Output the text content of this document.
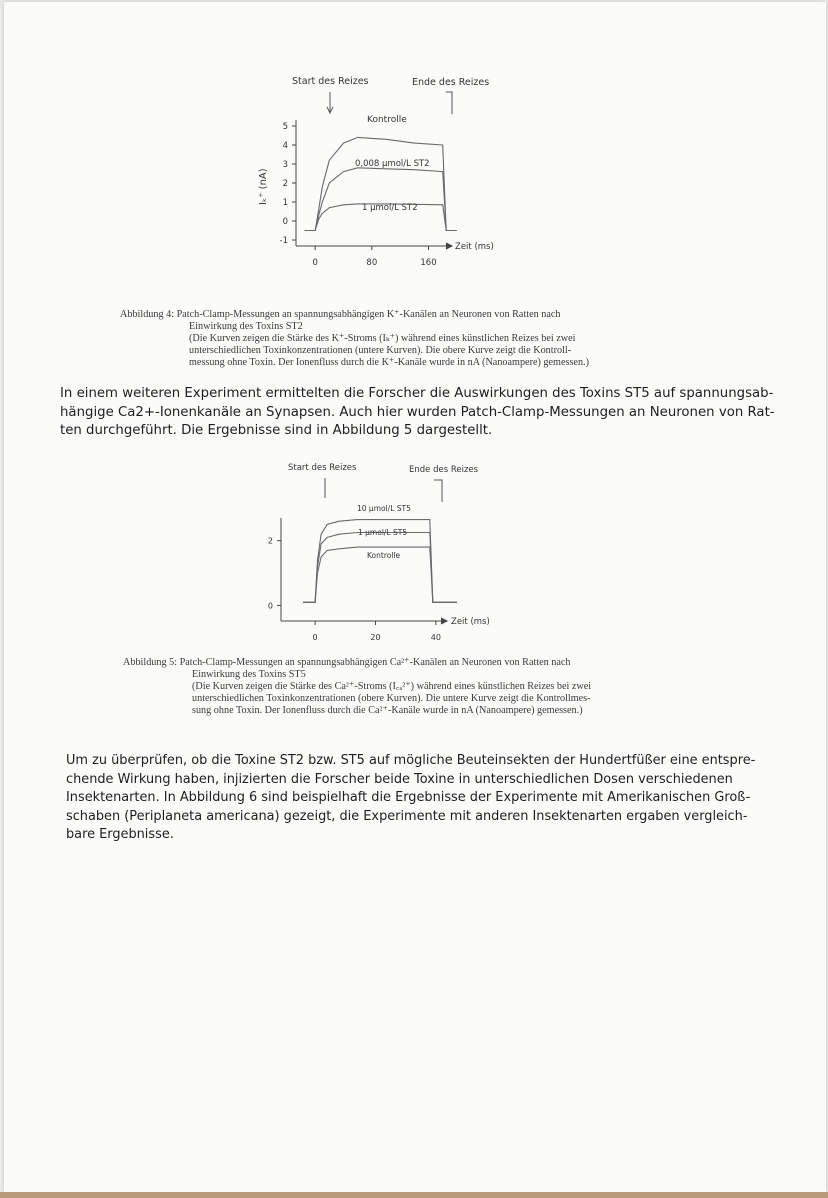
Start des Reizes	Ende des Reizes
Iₖ⁺ (nA)
-1
0
1
2
3
4
5
0	80	160
Zeit (ms)
Kontrolle
0,008 µmol/L ST2
1 µmol/L ST2
Abbildung 4: Patch-Clamp-Messungen an spannungsabhängigen K⁺-Kanälen an Neuronen von Ratten nach
Einwirkung des Toxins ST2
(Die Kurven zeigen die Stärke des K⁺-Stroms (Iₖ⁺) während eines künstlichen Reizes bei zwei
unterschiedlichen Toxinkonzentrationen (untere Kurven). Die obere Kurve zeigt die Kontroll-
messung ohne Toxin. Der Ionenfluss durch die K⁺-Kanäle wurde in nA (Nanoampere) gemessen.)
In einem weiteren Experiment ermittelten die Forscher die Auswirkungen des Toxins ST5 auf spannungsab-
hängige Ca2+-Ionenkanäle an Synapsen. Auch hier wurden Patch-Clamp-Messungen an Neuronen von Rat-
ten durchgeführt. Die Ergebnisse sind in Abbildung 5 dargestellt.
Start des Reizes	Ende des Reizes
0
2
0	20	40
Zeit (ms)
10 µmol/L ST5
1 µmol/L ST5
Kontrolle
Abbildung 5: Patch-Clamp-Messungen an spannungsabhängigen Ca²⁺-Kanälen an Neuronen von Ratten nach
Einwirkung des Toxins ST5
(Die Kurven zeigen die Stärke des Ca²⁺-Stroms (I꜀ₐ²⁺) während eines künstlichen Reizes bei zwei
unterschiedlichen Toxinkonzentrationen (obere Kurven). Die untere Kurve zeigt die Kontrollmes-
sung ohne Toxin. Der Ionenfluss durch die Ca²⁺-Kanäle wurde in nA (Nanoampere) gemessen.)
Um zu überprüfen, ob die Toxine ST2 bzw. ST5 auf mögliche Beuteinsekten der Hundertfüßer eine entspre-
chende Wirkung haben, injizierten die Forscher beide Toxine in unterschiedlichen Dosen verschiedenen
Insektenarten. In Abbildung 6 sind beispielhaft die Ergebnisse der Experimente mit Amerikanischen Groß-
schaben (Periplaneta americana) gezeigt, die Experimente mit anderen Insektenarten ergaben vergleich-
bare Ergebnisse.
